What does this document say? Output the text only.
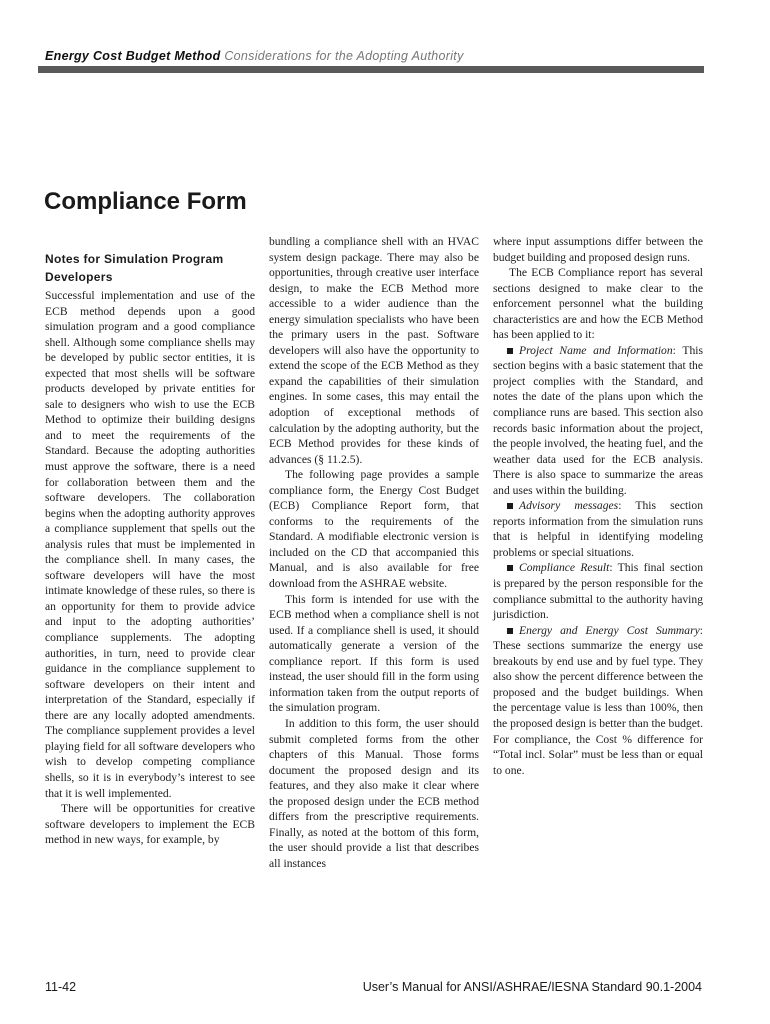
Energy Cost Budget Method Considerations for the Adopting Authority
Compliance Form
Notes for Simulation Program Developers

Successful implementation and use of the ECB method depends upon a good simulation program and a good compliance shell. Although some compliance shells may be developed by public sector entities, it is expected that most shells will be software products developed by private entities for sale to designers who wish to use the ECB Method to optimize their building designs and to meet the requirements of the Standard. Because the adopting authorities must approve the software, there is a need for collaboration between them and the software developers. The collaboration begins when the adopting authority approves a compliance supplement that spells out the analysis rules that must be implemented in the compliance shell. In many cases, the software developers will have the most intimate knowledge of these rules, so there is an opportunity for them to provide advice and input to the adopting authorities’ compliance supplements. The adopting authorities, in turn, need to provide clear guidance in the compliance supplement to software developers on their intent and interpretation of the Standard, especially if there are any locally adopted amendments. The compliance supplement provides a level playing field for all software developers who wish to develop competing compliance shells, so it is in everybody’s interest to see that it is well implemented.

There will be opportunities for creative software developers to implement the ECB method in new ways, for example, by

bundling a compliance shell with an HVAC system design package. There may also be opportunities, through creative user interface design, to make the ECB Method more accessible to a wider audience than the energy simulation specialists who have been the primary users in the past. Software developers will also have the opportunity to extend the scope of the ECB Method as they expand the capabilities of their simulation engines. In some cases, this may entail the adoption of exceptional methods of calculation by the adopting authority, but the ECB Method provides for these kinds of advances (§ 11.2.5).

The following page provides a sample compliance form, the Energy Cost Budget (ECB) Compliance Report form, that conforms to the requirements of the Standard. A modifiable electronic version is included on the CD that accompanied this Manual, and is also available for free download from the ASHRAE website.

This form is intended for use with the ECB method when a compliance shell is not used. If a compliance shell is used, it should automatically generate a version of the compliance report. If this form is used instead, the user should fill in the form using information taken from the output reports of the simulation program.

In addition to this form, the user should submit completed forms from the other chapters of this Manual. Those forms document the proposed design and its features, and they also make it clear where the proposed design under the ECB method differs from the prescriptive requirements. Finally, as noted at the bottom of this form, the user should provide a list that describes all instances

where input assumptions differ between the budget building and proposed design runs.

The ECB Compliance report has several sections designed to make clear to the enforcement personnel what the building characteristics are and how the ECB Method has been applied to it:

Project Name and Information: This section begins with a basic statement that the project complies with the Standard, and notes the date of the plans upon which the compliance runs are based. This section also records basic information about the project, the people involved, the heating fuel, and the weather data used for the ECB analysis. There is also space to summarize the areas and uses within the building.

Advisory messages: This section reports information from the simulation runs that is helpful in identifying modeling problems or special situations.

Compliance Result: This final section is prepared by the person responsible for the compliance submittal to the authority having jurisdiction.

Energy and Energy Cost Summary: These sections summarize the energy use breakouts by end use and by fuel type. They also show the percent difference between the proposed and the budget buildings. When the percentage value is less than 100%, then the proposed design is better than the budget. For compliance, the Cost % difference for “Total incl. Solar” must be less than or equal to one.

11-42	User’s Manual for ANSI/ASHRAE/IESNA Standard 90.1-2004
